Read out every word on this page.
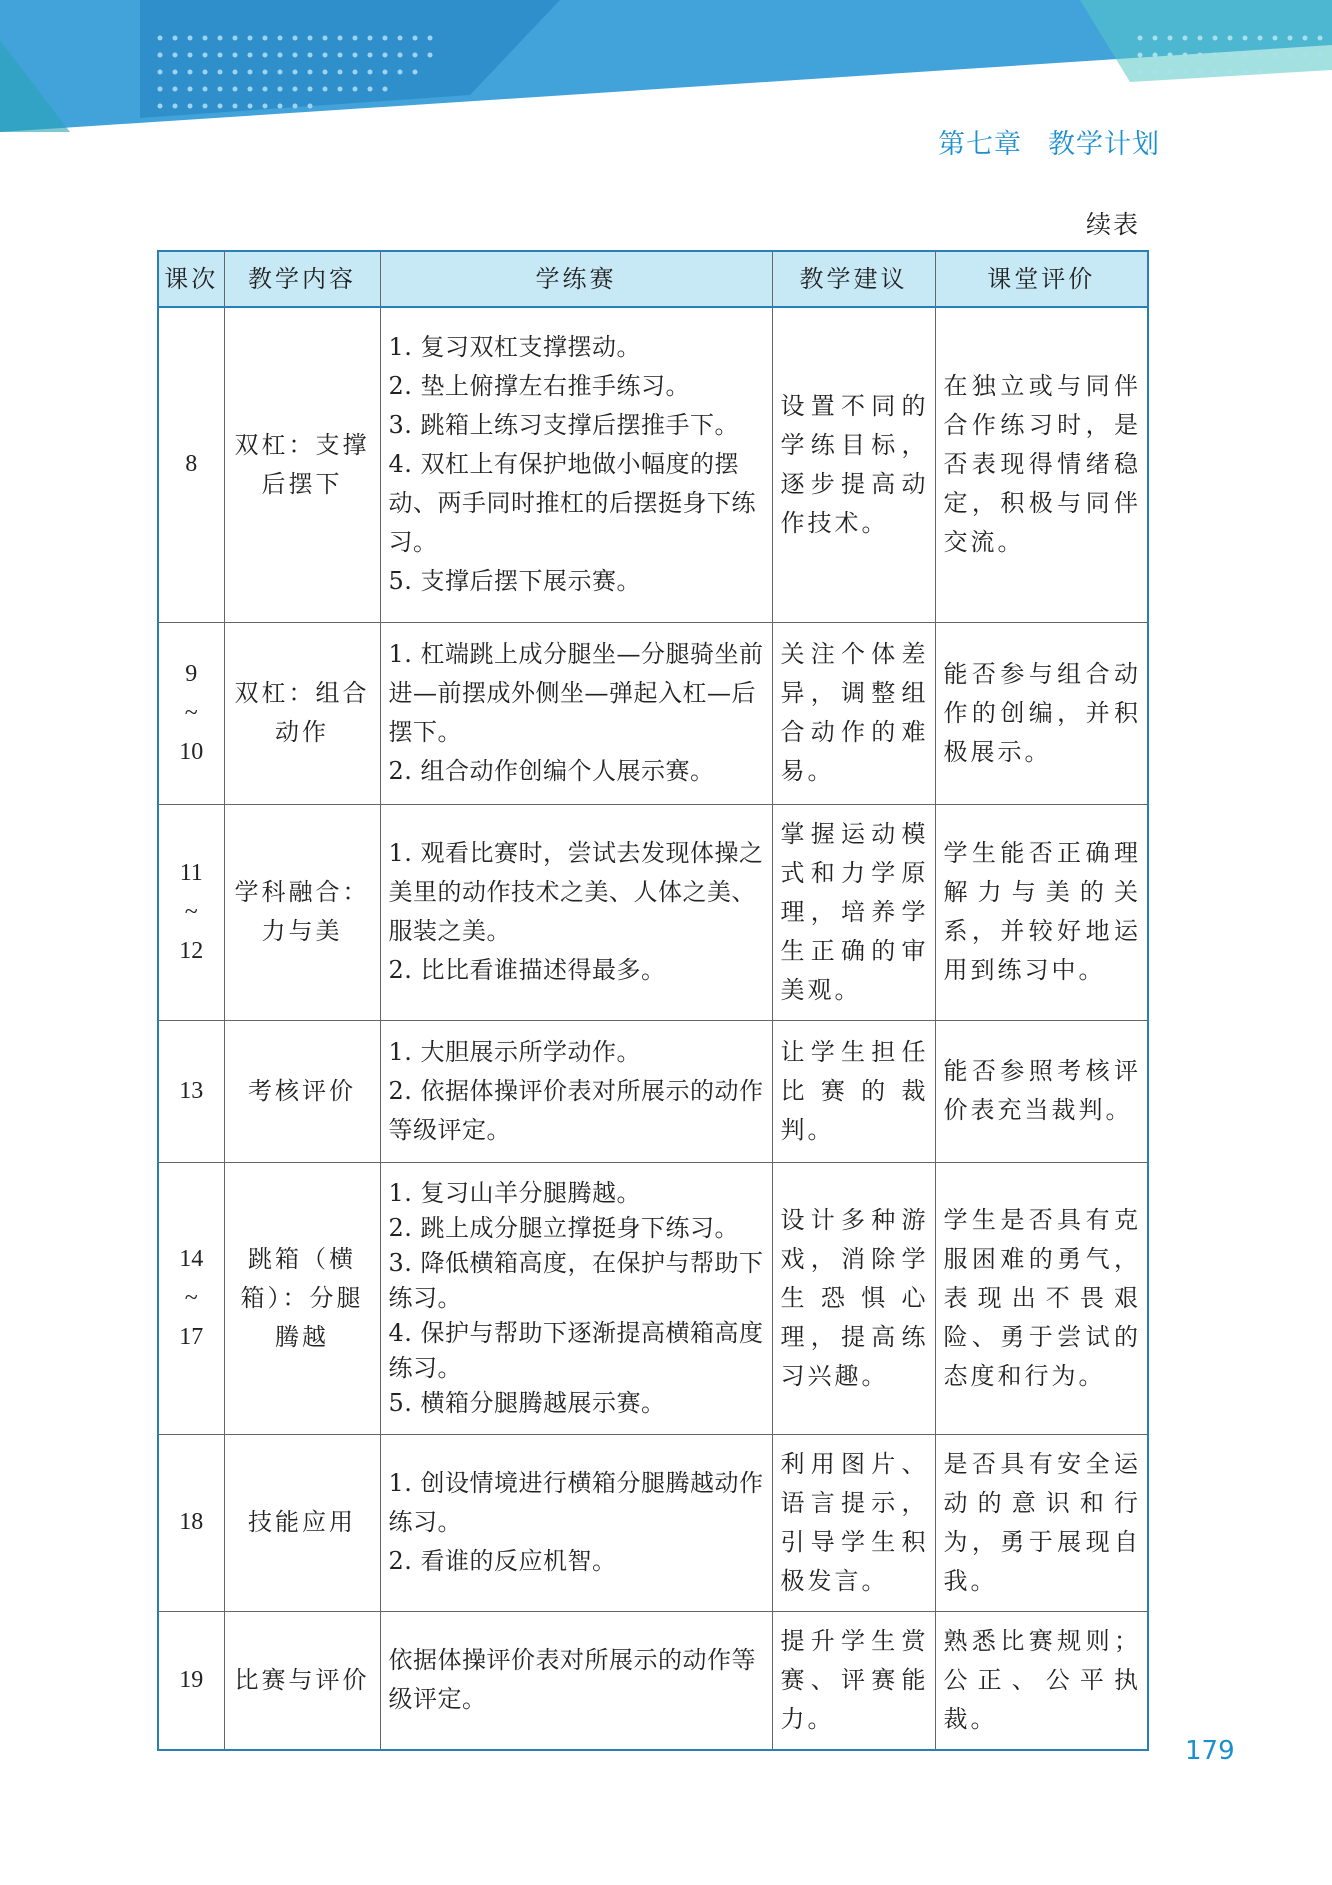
第七章 教学计划
续表
课次	教学内容	学练赛	教学建议	课堂评价

8	双杠：支撑
后摆下	1. 复习双杠支撑摆动。
2. 垫上俯撑左右推手练习。
3. 跳箱上练习支撑后摆推手下。
4. 双杠上有保护地做小幅度的摆动、两手同时推杠的后摆挺身下练习。
5. 支撑后摆下展示赛。	设置不同的学练目标，逐步提高动作技术。	在独立或与同伴合作练习时，是否表现得情绪稳定，积极与同伴交流。

9
~
10	双杠：组合
动作	1. 杠端跳上成分腿坐—分腿骑坐前进—前摆成外侧坐—弹起入杠—后摆下。
2. 组合动作创编个人展示赛。	关注个体差异，调整组合动作的难易。	能否参与组合动作的创编，并积极展示。

11
~
12	学科融合：
力与美	1. 观看比赛时，尝试去发现体操之美里的动作技术之美、人体之美、服装之美。
2. 比比看谁描述得最多。	掌握运动模式和力学原理，培养学生正确的审美观。	学生能否正确理解力与美的关系，并较好地运用到练习中。

13	考核评价	1. 大胆展示所学动作。
2. 依据体操评价表对所展示的动作等级评定。	让学生担任比赛的裁判。	能否参照考核评价表充当裁判。

14
~
17	跳箱（横
箱）：分腿
腾越	1. 复习山羊分腿腾越。
2. 跳上成分腿立撑挺身下练习。
3. 降低横箱高度，在保护与帮助下练习。
4. 保护与帮助下逐渐提高横箱高度练习。
5. 横箱分腿腾越展示赛。	设计多种游戏，消除学生恐惧心理，提高练习兴趣。	学生是否具有克服困难的勇气，表现出不畏艰险、勇于尝试的态度和行为。

18	技能应用	1. 创设情境进行横箱分腿腾越动作练习。
2. 看谁的反应机智。	利用图片、语言提示，引导学生积极发言。	是否具有安全运动的意识和行为，勇于展现自我。

19	比赛与评价	依据体操评价表对所展示的动作等级评定。	提升学生赏赛、评赛能力。	熟悉比赛规则；公正、公平执裁。
179
